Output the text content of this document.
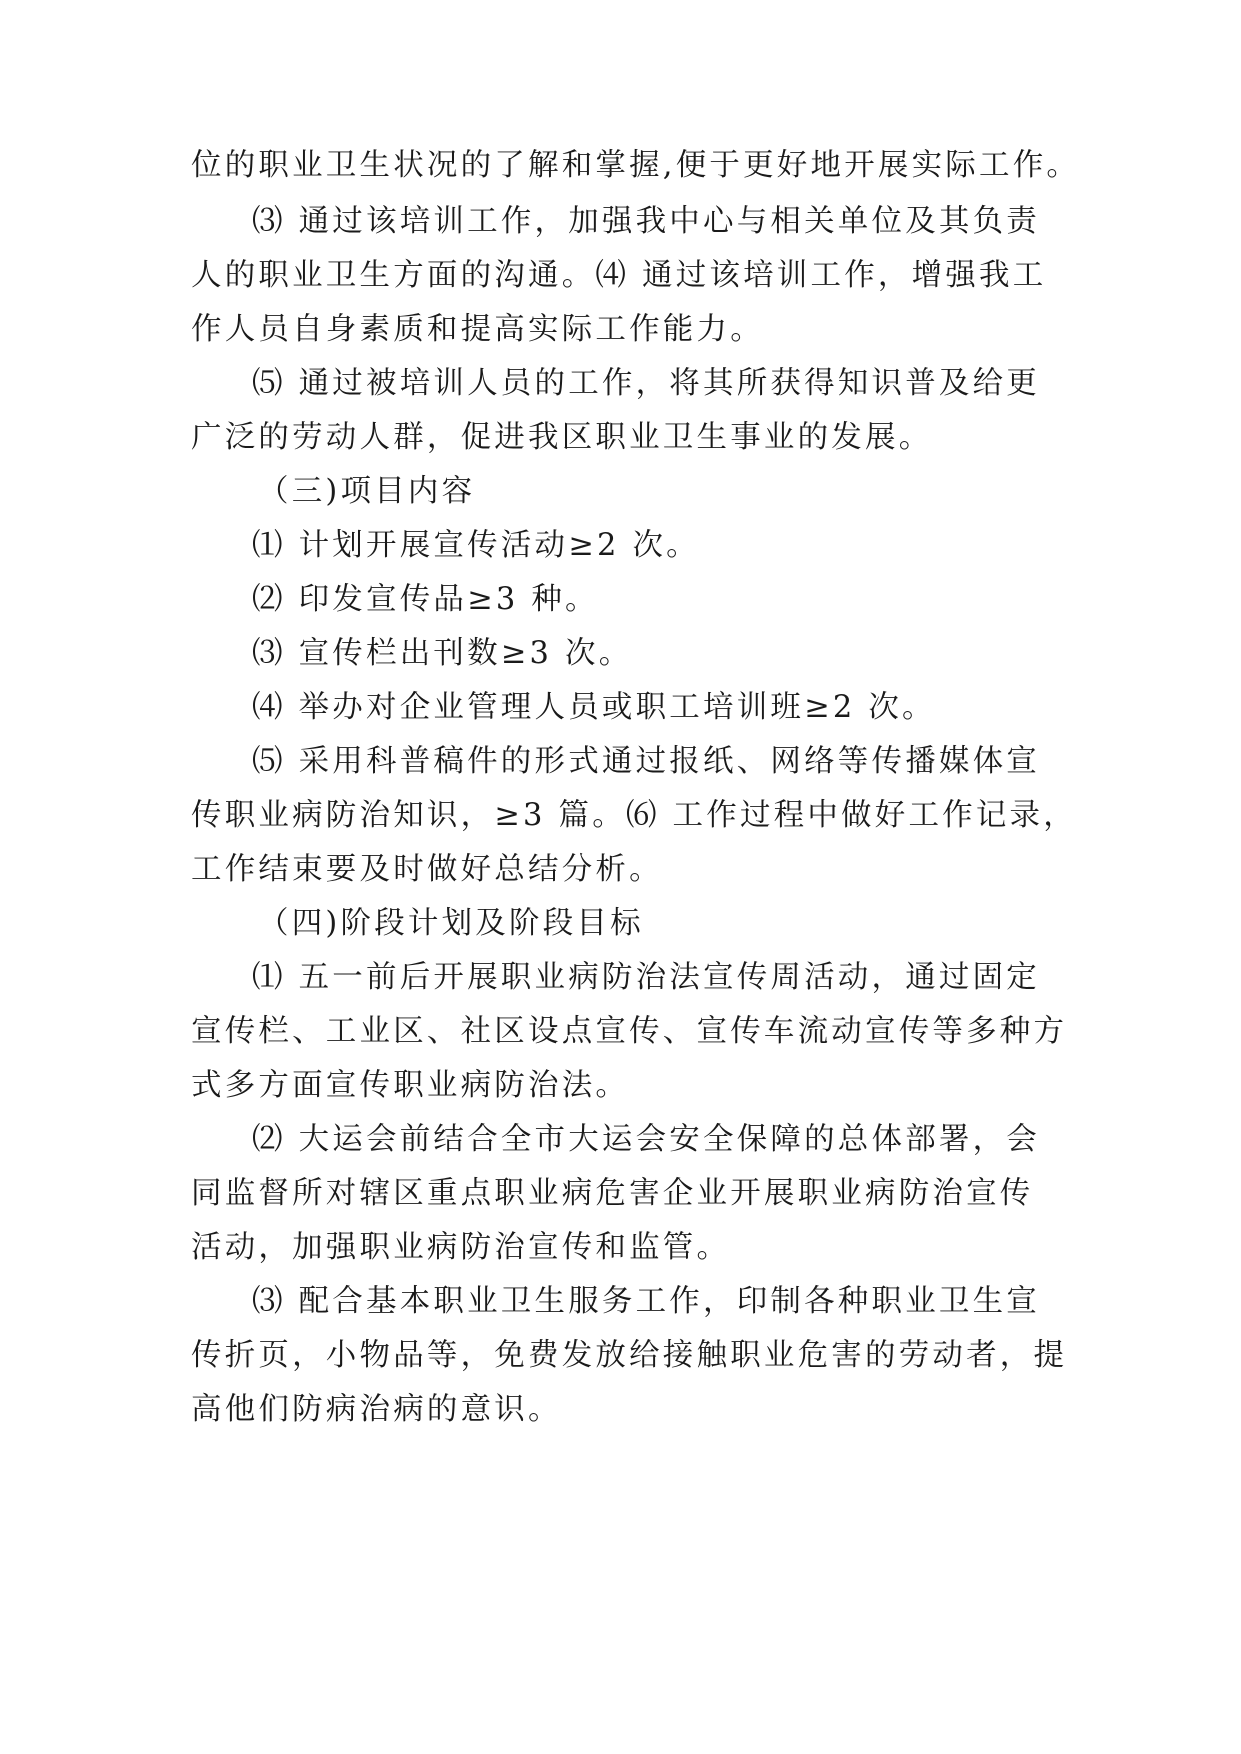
位的职业卫生状况的了解和掌握,便于更好地开展实际工作。

⑶ 通过该培训工作，加强我中心与相关单位及其负责

人的职业卫生方面的沟通。⑷ 通过该培训工作，增强我工

作人员自身素质和提高实际工作能力。

⑸ 通过被培训人员的工作，将其所获得知识普及给更

广泛的劳动人群，促进我区职业卫生事业的发展。

（三)项目内容

⑴ 计划开展宣传活动≥2 次。

⑵ 印发宣传品≥3 种。

⑶ 宣传栏出刊数≥3 次。

⑷ 举办对企业管理人员或职工培训班≥2 次。

⑸ 采用科普稿件的形式通过报纸、网络等传播媒体宣

传职业病防治知识，≥3 篇。⑹ 工作过程中做好工作记录，

工作结束要及时做好总结分析。

（四)阶段计划及阶段目标

⑴ 五一前后开展职业病防治法宣传周活动，通过固定

宣传栏、工业区、社区设点宣传、宣传车流动宣传等多种方

式多方面宣传职业病防治法。

⑵ 大运会前结合全市大运会安全保障的总体部署，会

同监督所对辖区重点职业病危害企业开展职业病防治宣传

活动，加强职业病防治宣传和监管。

⑶ 配合基本职业卫生服务工作，印制各种职业卫生宣

传折页，小物品等，免费发放给接触职业危害的劳动者，提

高他们防病治病的意识。
